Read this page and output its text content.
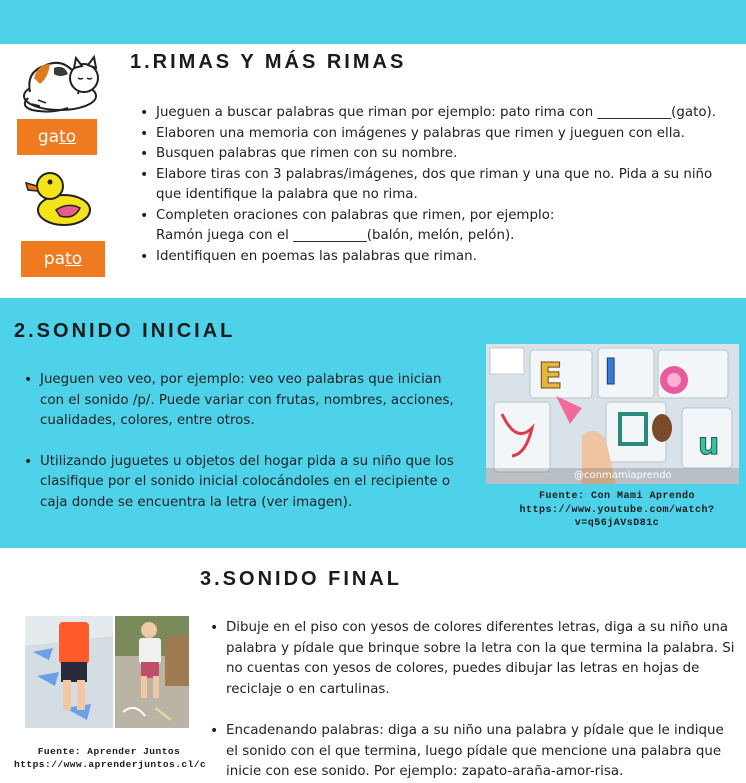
gato
pato
1.RIMAS Y MÁS RIMAS
• Jueguen a buscar palabras que riman por ejemplo: pato rima con ___________(gato).
• Elaboren una memoria con imágenes y palabras que rimen y jueguen con ella.
• Busquen palabras que rimen con su nombre.
• Elabore tiras con 3 palabras/imágenes, dos que riman y una que no. Pida a su niño que identifique la palabra que no rima.
• Completen oraciones con palabras que rimen, por ejemplo:
Ramón juega con el ___________(balón, melón, pelón).
• Identifiquen en poemas las palabras que riman.
2.SONIDO INICIAL
• Jueguen veo veo, por ejemplo: veo veo palabras que inician con el sonido /p/. Puede variar con frutas, nombres, acciones, cualidades, colores, entre otros.
• Utilizando juguetes u objetos del hogar pida a su niño que los clasifique por el sonido inicial colocándoles en el recipiente o caja donde se encuentra la letra (ver imagen).
E I
u
@conmamiaprendo
Fuente: Con Mami Aprendo
https://www.youtube.com/watch?
v=q56jAVsD81c
3.SONIDO FINAL
Fuente: Aprender Juntos
https://www.aprenderjuntos.cl/c
• Dibuje en el piso con yesos de colores diferentes letras, diga a su niño una palabra y pídale que brinque sobre la letra con la que termina la palabra. Si no cuentas con yesos de colores, puedes dibujar las letras en hojas de reciclaje o en cartulinas.
• Encadenando palabras: diga a su niño una palabra y pídale que le indique el sonido con el que termina, luego pídale que mencione una palabra que inicie con ese sonido. Por ejemplo: zapato-araña-amor-risa.
